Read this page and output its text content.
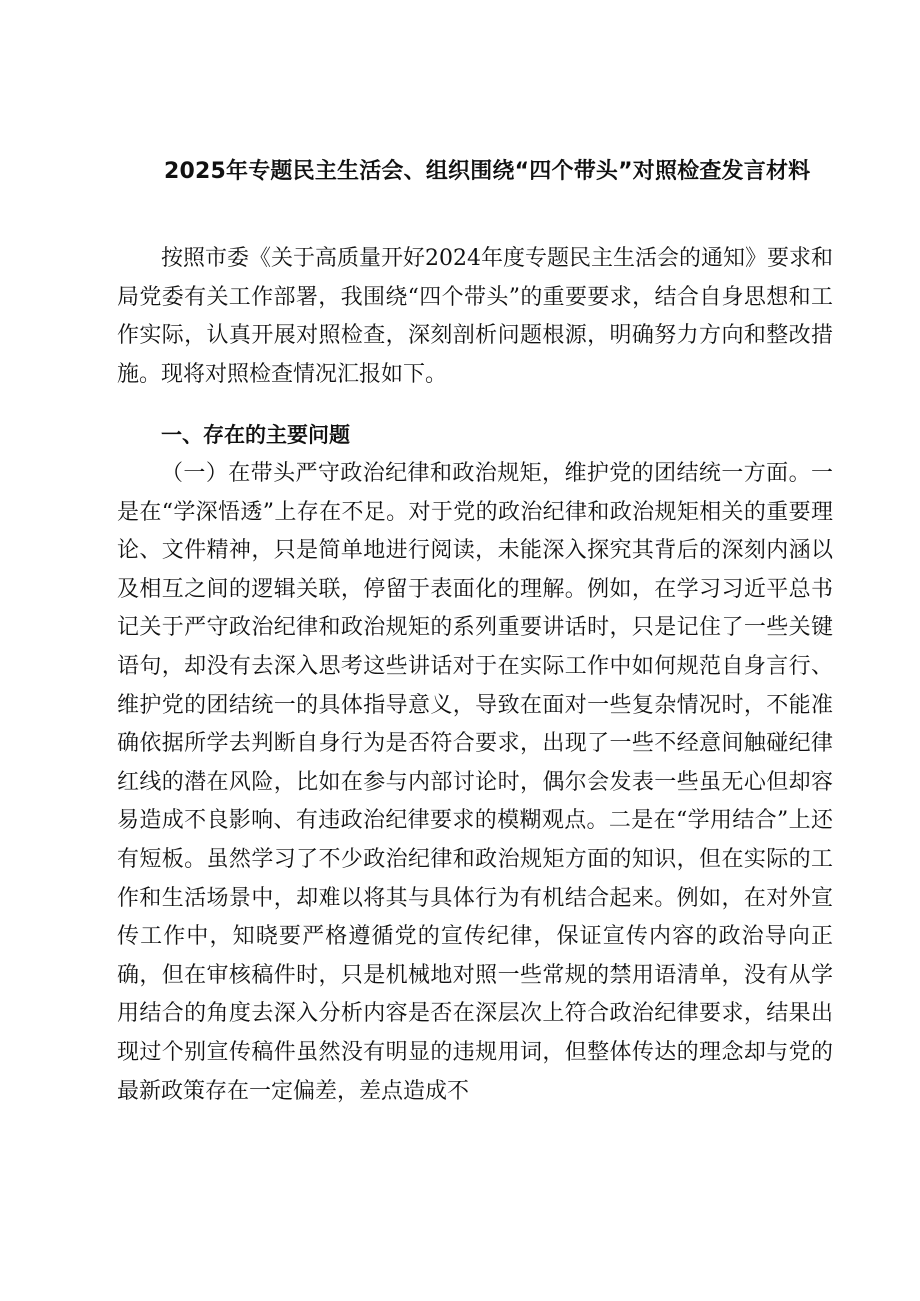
2025年专题民主生活会、组织围绕“四个带头”对照检查发言材料

按照市委《关于高质量开好2024年度专题民主生活会的通知》要求和局党委有关工作部署，我围绕“四个带头”的重要要求，结合自身思想和工作实际，认真开展对照检查，深刻剖析问题根源，明确努力方向和整改措施。现将对照检查情况汇报如下。

一、存在的主要问题

（一）在带头严守政治纪律和政治规矩，维护党的团结统一方面。一是在“学深悟透”上存在不足。对于党的政治纪律和政治规矩相关的重要理论、文件精神，只是简单地进行阅读，未能深入探究其背后的深刻内涵以及相互之间的逻辑关联，停留于表面化的理解。例如，在学习习近平总书记关于严守政治纪律和政治规矩的系列重要讲话时，只是记住了一些关键语句，却没有去深入思考这些讲话对于在实际工作中如何规范自身言行、维护党的团结统一的具体指导意义，导致在面对一些复杂情况时，不能准确依据所学去判断自身行为是否符合要求，出现了一些不经意间触碰纪律红线的潜在风险，比如在参与内部讨论时，偶尔会发表一些虽无心但却容易造成不良影响、有违政治纪律要求的模糊观点。二是在“学用结合”上还有短板。虽然学习了不少政治纪律和政治规矩方面的知识，但在实际的工作和生活场景中，却难以将其与具体行为有机结合起来。例如，在对外宣传工作中，知晓要严格遵循党的宣传纪律，保证宣传内容的政治导向正确，但在审核稿件时，只是机械地对照一些常规的禁用语清单，没有从学用结合的角度去深入分析内容是否在深层次上符合政治纪律要求，结果出现过个别宣传稿件虽然没有明显的违规用词，但整体传达的理念却与党的最新政策存在一定偏差，差点造成不
